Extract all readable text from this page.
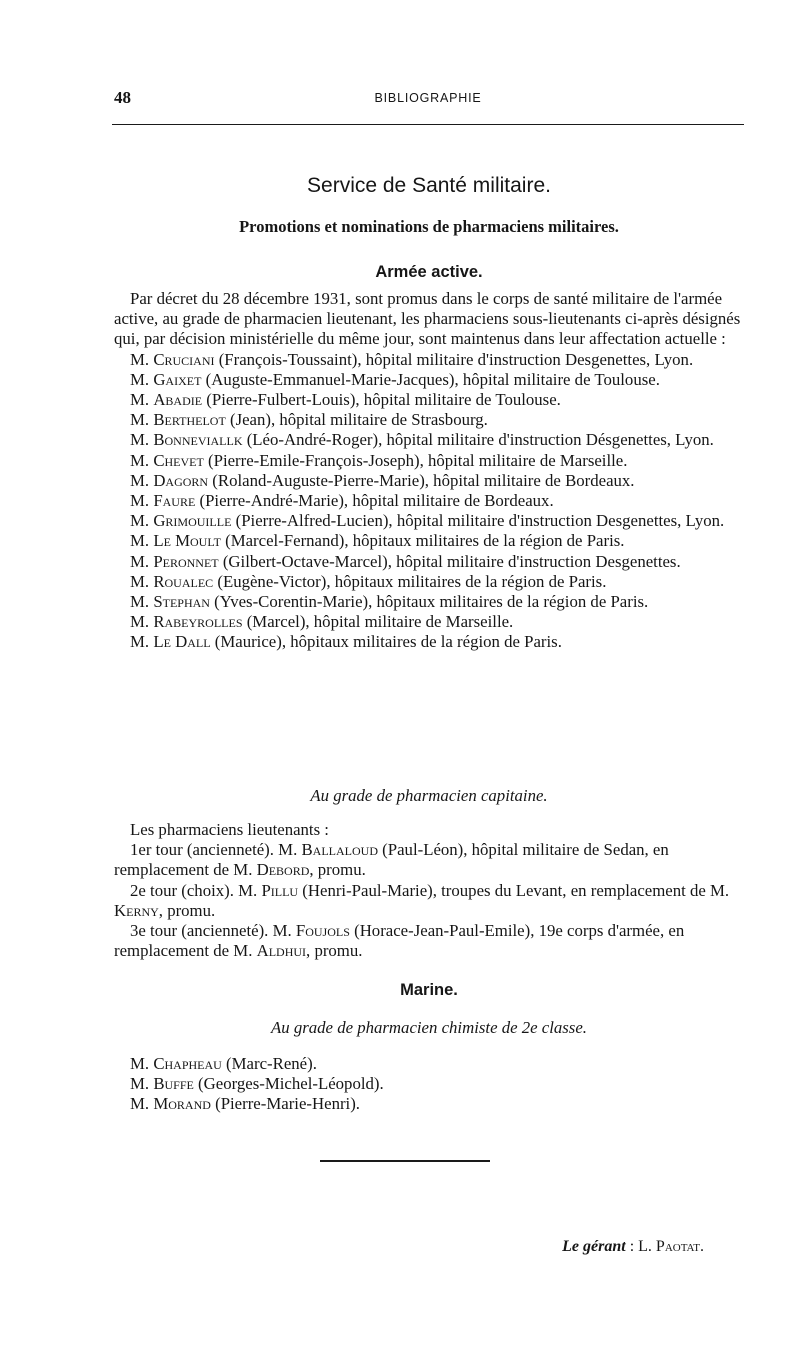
48	BIBLIOGRAPHIE
Service de Santé militaire.
Promotions et nominations de pharmaciens militaires.
Armée active.

Par décret du 28 décembre 1931, sont promus dans le corps de santé militaire de l'armée active, au grade de pharmacien lieutenant, les pharmaciens sous-lieutenants ci-après désignés qui, par décision ministérielle du même jour, sont maintenus dans leur affectation actuelle :

M. Cruciani (François-Toussaint), hôpital militaire d'instruction Desgenettes, Lyon.

M. Gaixet (Auguste-Emmanuel-Marie-Jacques), hôpital militaire de Toulouse.

M. Abadie (Pierre-Fulbert-Louis), hôpital militaire de Toulouse.

M. Berthelot (Jean), hôpital militaire de Strasbourg.

M. Bonneviallk (Léo-André-Roger), hôpital militaire d'instruction Désgenettes, Lyon.

M. Chevet (Pierre-Emile-François-Joseph), hôpital militaire de Marseille.

M. Dagorn (Roland-Auguste-Pierre-Marie), hôpital militaire de Bordeaux.

M. Faure (Pierre-André-Marie), hôpital militaire de Bordeaux.

M. Grimouille (Pierre-Alfred-Lucien), hôpital militaire d'instruction Desgenettes, Lyon.

M. Le Moult (Marcel-Fernand), hôpitaux militaires de la région de Paris.

M. Peronnet (Gilbert-Octave-Marcel), hôpital militaire d'instruction Desgenettes.

M. Roualec (Eugène-Victor), hôpitaux militaires de la région de Paris.

M. Stephan (Yves-Corentin-Marie), hôpitaux militaires de la région de Paris.

M. Rabeyrolles (Marcel), hôpital militaire de Marseille.

M. Le Dall (Maurice), hôpitaux militaires de la région de Paris.

Au grade de pharmacien capitaine.

Les pharmaciens lieutenants :

1er tour (ancienneté). M. Ballaloud (Paul-Léon), hôpital militaire de Sedan, en remplacement de M. Debord, promu.

2e tour (choix). M. Pillu (Henri-Paul-Marie), troupes du Levant, en remplacement de M. Kerny, promu.

3e tour (ancienneté). M. Foujols (Horace-Jean-Paul-Emile), 19e corps d'armée, en remplacement de M. Aldhui, promu.

Marine.
Au grade de pharmacien chimiste de 2e classe.

M. Chapheau (Marc-René).

M. Buffe (Georges-Michel-Léopold).

M. Morand (Pierre-Marie-Henri).

Le gérant : L. Paotat.
